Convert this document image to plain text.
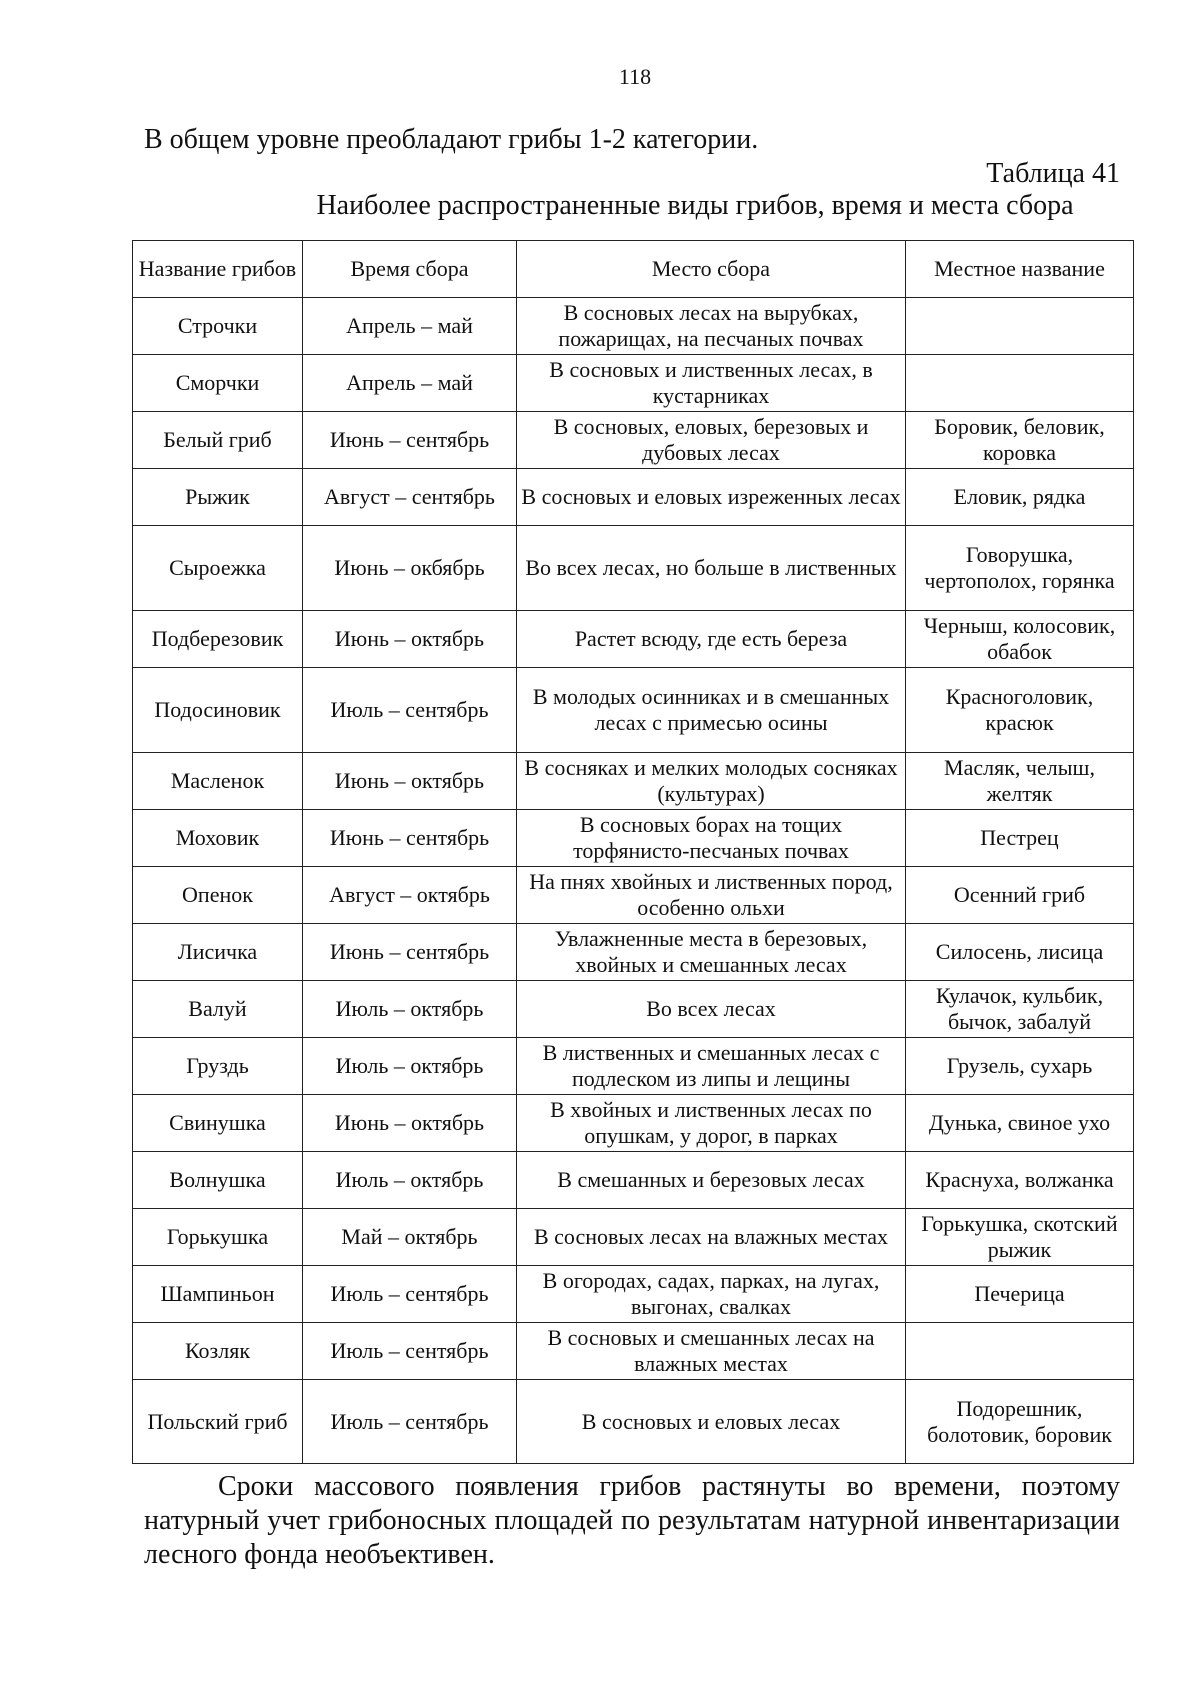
118
В общем уровне преобладают грибы 1-2 категории.
Таблица 41
Наиболее распространенные виды грибов, время и места сбора
Название грибов	Время сбора	Место сбора	Местное название
Строчки	Апрель – май	В сосновых лесах на вырубках, пожарищах, на песчаных почвах	
Сморчки	Апрель – май	В сосновых и лиственных лесах, в кустарниках	
Белый гриб	Июнь – сентябрь	В сосновых, еловых, березовых и дубовых лесах	Боровик, беловик, коровка
Рыжик	Август – сентябрь	В сосновых и еловых изреженных лесах	Еловик, рядка
Сыроежка	Июнь – окбябрь	Во всех лесах, но больше в лиственных	Говорушка, чертополох, горянка
Подберезовик	Июнь – октябрь	Растет всюду, где есть береза	Черныш, колосовик, обабок
Подосиновик	Июль – сентябрь	В молодых осинниках и в смешанных лесах с примесью осины	Красноголовик, красюк
Масленок	Июнь – октябрь	В сосняках и мелких молодых сосняках (культурах)	Масляк, челыш, желтяк
Моховик	Июнь – сентябрь	В сосновых борах на тощих торфянисто-песчаных почвах	Пестрец
Опенок	Август – октябрь	На пнях хвойных и лиственных пород, особенно ольхи	Осенний гриб
Лисичка	Июнь – сентябрь	Увлажненные места в березовых, хвойных и смешанных лесах	Силосень, лисица
Валуй	Июль – октябрь	Во всех лесах	Кулачок, кульбик, бычок, забалуй
Груздь	Июль – октябрь	В лиственных и смешанных лесах с подлеском из липы и лещины	Грузель, сухарь
Свинушка	Июнь – октябрь	В хвойных и лиственных лесах по опушкам, у дорог, в парках	Дунька, свиное ухо
Волнушка	Июль – октябрь	В смешанных и березовых лесах	Краснуха, волжанка
Горькушка	Май – октябрь	В сосновых лесах на влажных местах	Горькушка, скотский рыжик
Шампиньон	Июль – сентябрь	В огородах, садах, парках, на лугах, выгонах, свалках	Печерица
Козляк	Июль – сентябрь	В сосновых и смешанных лесах на влажных местах	
Польский гриб	Июль – сентябрь	В сосновых и еловых лесах	Подорешник, болотовик, боровик
Сроки массового появления грибов растянуты во времени, поэтому натурный учет грибоносных площадей по результатам натурной инвентаризации лесного фонда необъективен.
